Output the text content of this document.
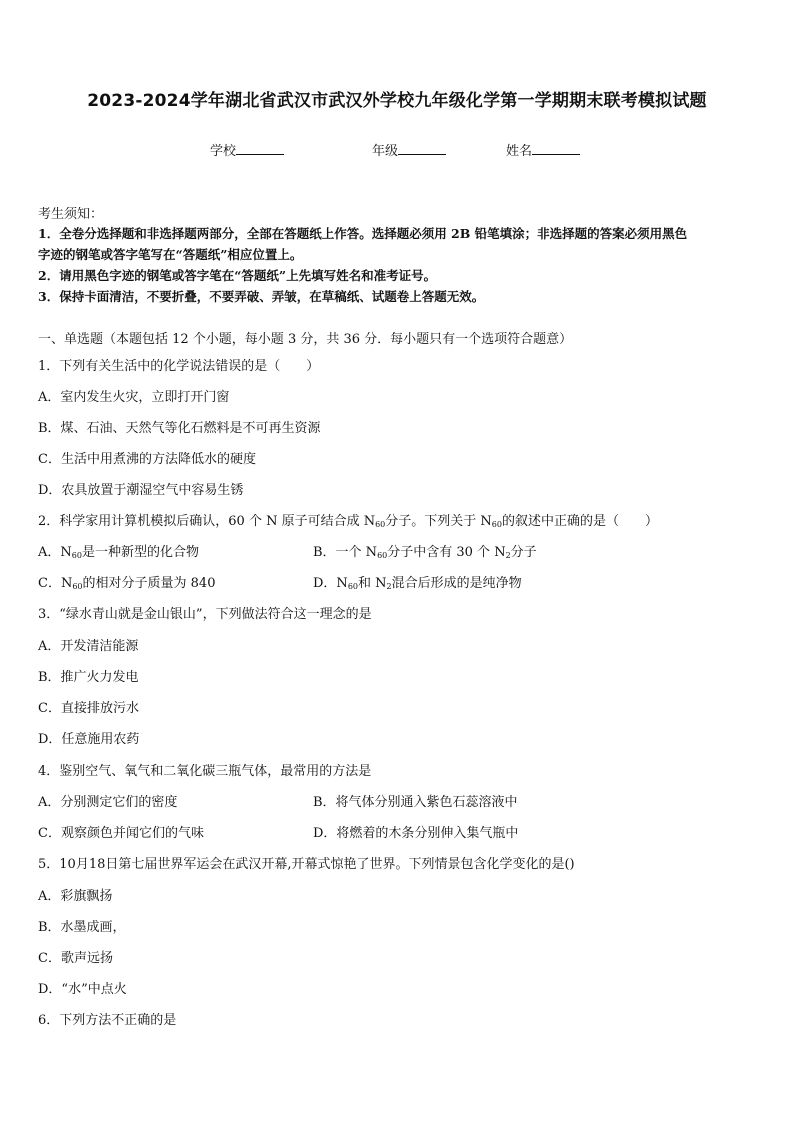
2023-2024学年湖北省武汉市武汉外学校九年级化学第一学期期末联考模拟试题
学校	年级	姓名
考生须知：
1．全卷分选择题和非选择题两部分，全部在答题纸上作答。选择题必须用 2B 铅笔填涂；非选择题的答案必须用黑色
字迹的钢笔或答字笔写在“答题纸”相应位置上。
2．请用黑色字迹的钢笔或答字笔在“答题纸”上先填写姓名和准考证号。
3．保持卡面清洁，不要折叠，不要弄破、弄皱，在草稿纸、试题卷上答题无效。
一、单选题（本题包括 12 个小题，每小题 3 分，共 36 分．每小题只有一个选项符合题意）
1．下列有关生活中的化学说法错误的是（　　）
A．室内发生火灾，立即打开门窗
B．煤、石油、天然气等化石燃料是不可再生资源
C．生活中用煮沸的方法降低水的硬度
D．农具放置于潮湿空气中容易生锈
2．科学家用计算机模拟后确认，60 个 N 原子可结合成 $N_{60}$分子。下列关于 $N_{60}$的叙述中正确的是（　　）
A．$N_{60}$是一种新型的化合物	B．一个 $N_{60}$分子中含有 30 个 $N_2$分子
C．$N_{60}$的相对分子质量为 840	D．$N_{60}$和 $N_2$混合后形成的是纯净物
3．“绿水青山就是金山银山”，下列做法符合这一理念的是
A．开发清洁能源
B．推广火力发电
C．直接排放污水
D．任意施用农药
4．鉴别空气、氧气和二氧化碳三瓶气体，最常用的方法是
A．分别测定它们的密度	B．将气体分别通入紫色石蕊溶液中
C．观察颜色并闻它们的气味	D．将燃着的木条分别伸入集气瓶中
5．10月18日第七届世界军运会在武汉开幕,开幕式惊艳了世界。下列情景包含化学变化的是()
A．彩旗飘扬
B．水墨成画，
C．歌声远扬
D．“水”中点火
6．下列方法不正确的是
